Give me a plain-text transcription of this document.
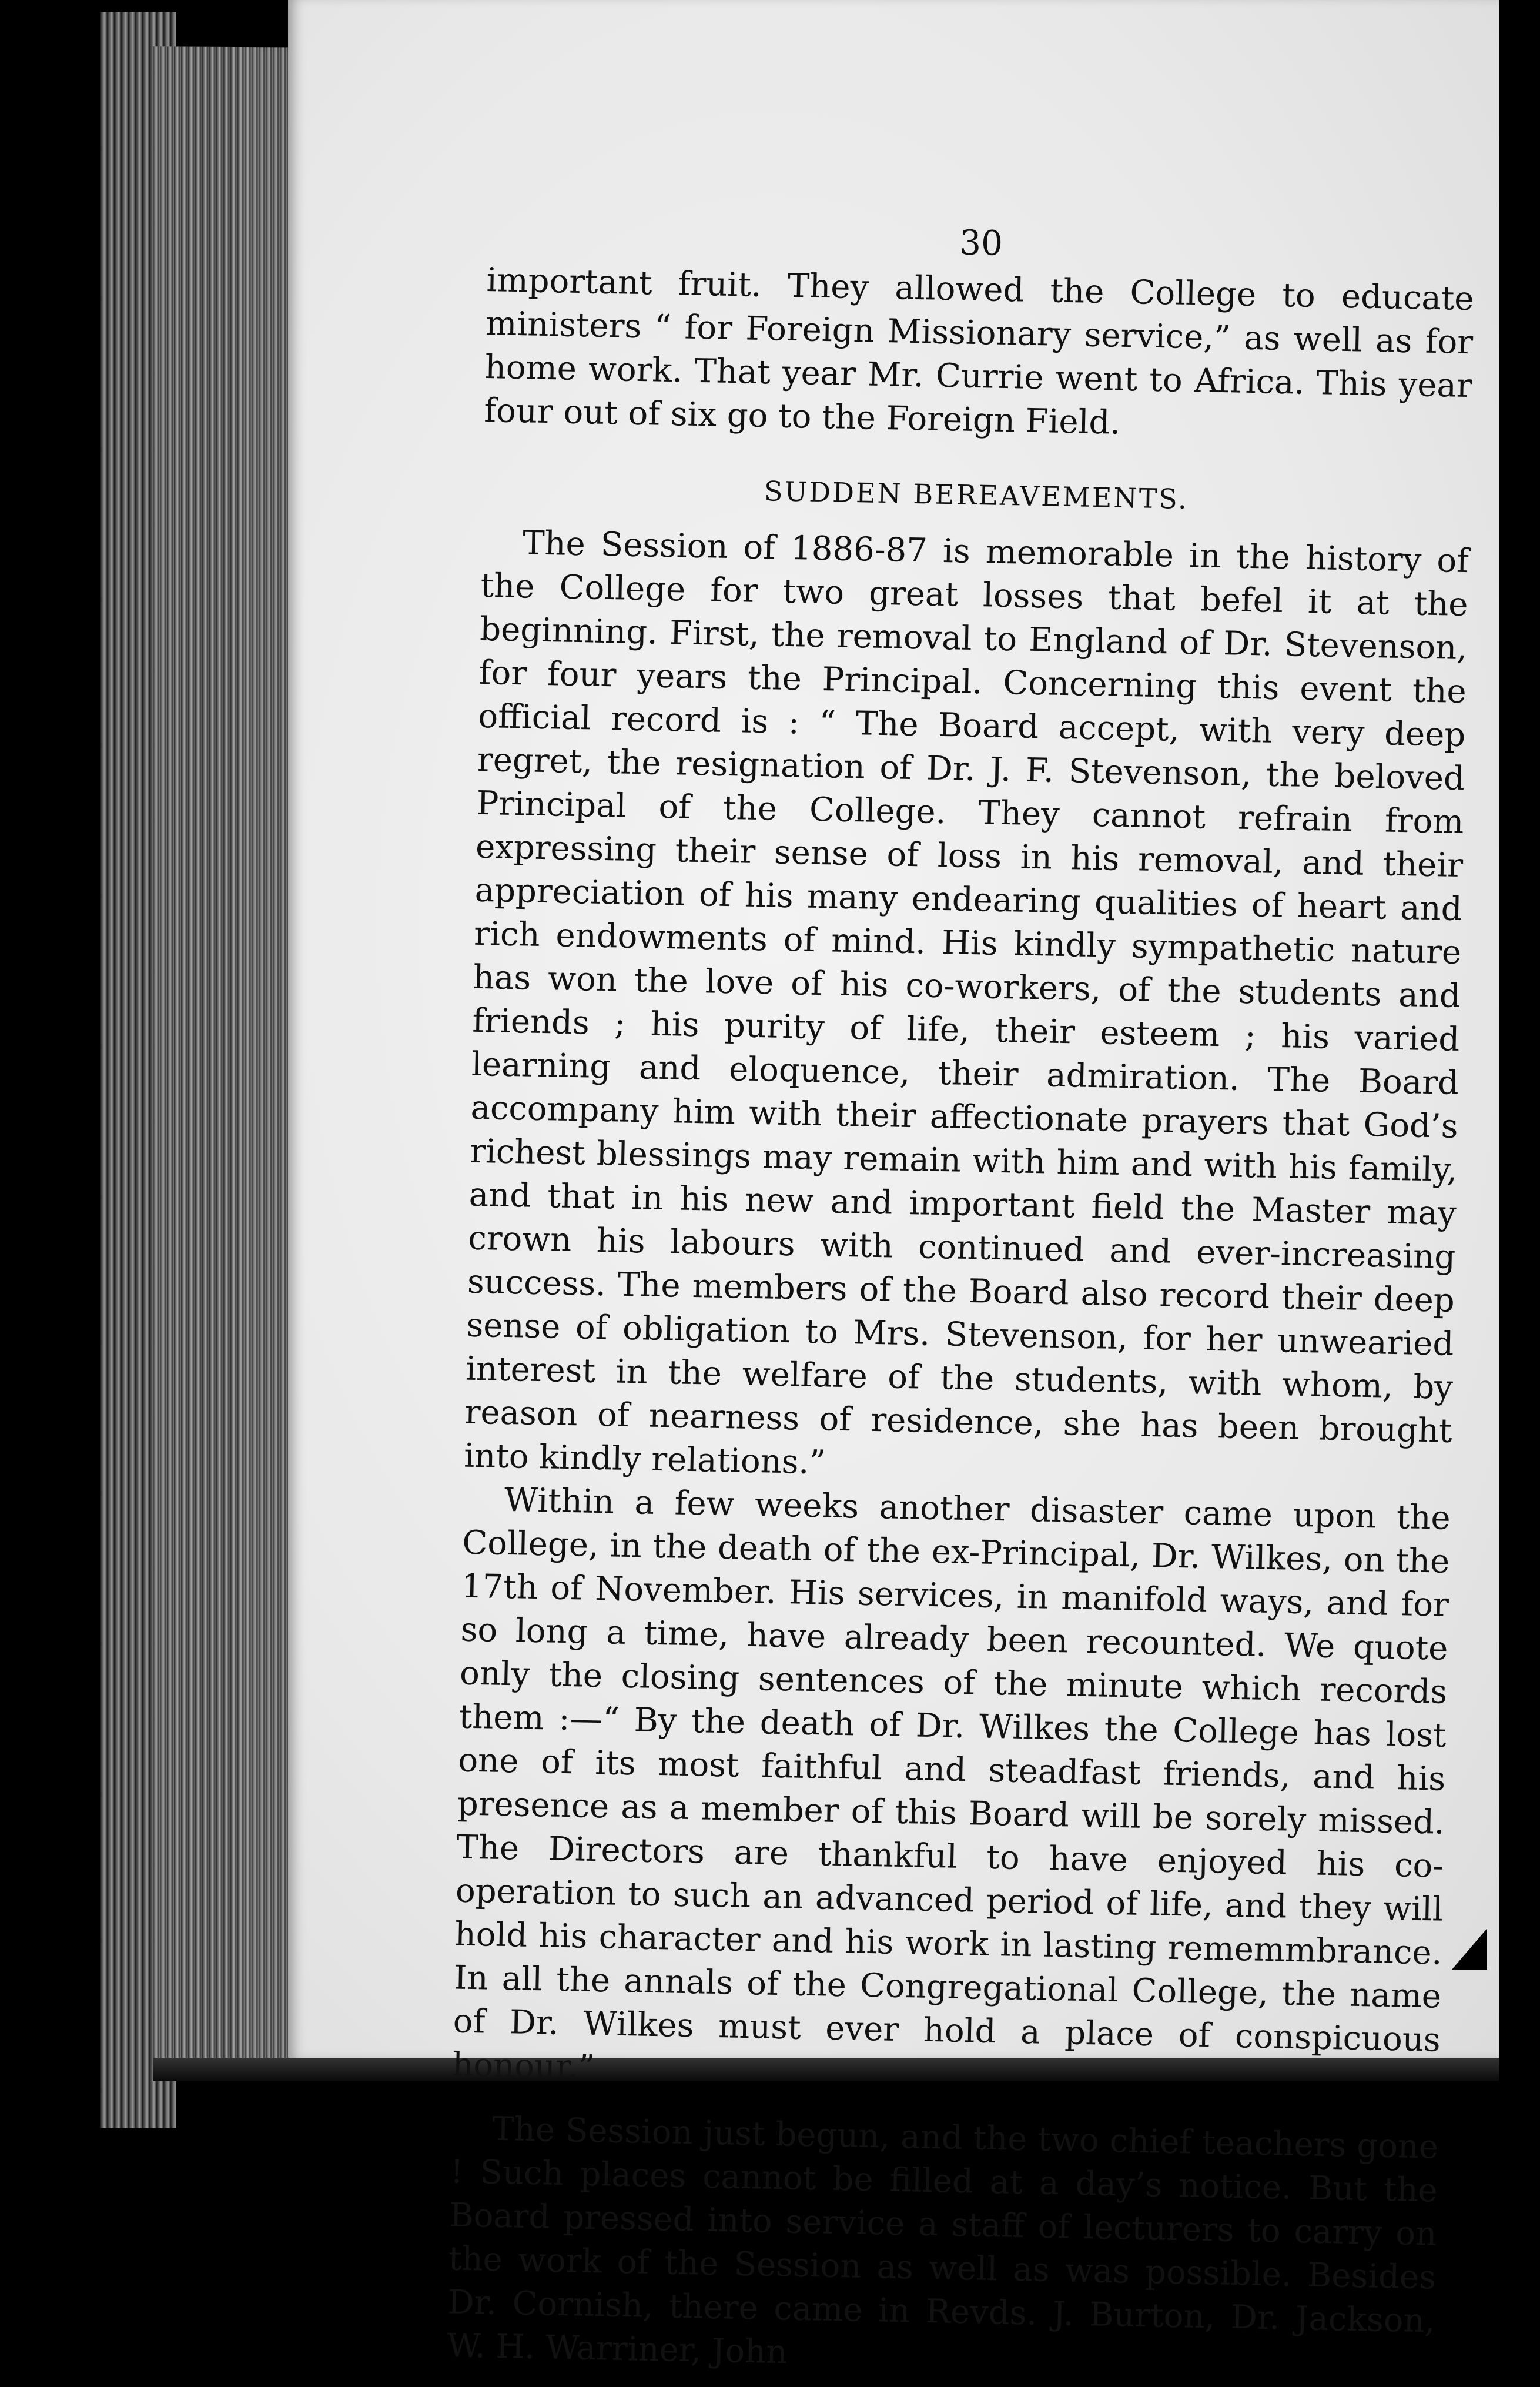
30

important fruit. They allowed the College to educate ministers “ for Foreign Missionary service,” as well as for home work. That year Mr. Currie went to Africa. This year four out of six go to the Foreign Field.

SUDDEN BEREAVEMENTS.

The Session of 1886-87 is memorable in the history of the College for two great losses that befel it at the beginning. First, the removal to England of Dr. Stevenson, for four years the Principal. Concerning this event the official record is : “ The Board accept, with very deep regret, the resignation of Dr. J. F. Stevenson, the beloved Principal of the College. They cannot refrain from expressing their sense of loss in his removal, and their appreciation of his many endearing qualities of heart and rich endowments of mind. His kindly sympathetic nature has won the love of his co-workers, of the students and friends ; his purity of life, their esteem ; his varied learning and eloquence, their admiration. The Board accompany him with their affectionate prayers that God’s richest blessings may remain with him and with his family, and that in his new and important field the Master may crown his labours with continued and ever-increasing success. The members of the Board also record their deep sense of obligation to Mrs. Stevenson, for her unwearied interest in the welfare of the students, with whom, by reason of nearness of residence, she has been brought into kindly relations.”

Within a few weeks another disaster came upon the College, in the death of the ex-Principal, Dr. Wilkes, on the 17th of November. His services, in manifold ways, and for so long a time, have already been recounted. We quote only the closing sentences of the minute which records them :—“ By the death of Dr. Wilkes the College has lost one of its most faithful and steadfast friends, and his presence as a member of this Board will be sorely missed. The Directors are thankful to have enjoyed his co-operation to such an advanced period of life, and they will hold his character and his work in lasting rememmbrance. In all the annals of the Congregational College, the name of Dr. Wilkes must ever hold a place of conspicuous honour.”

The Session just begun, and the two chief teachers gone ! Such places cannot be filled at a day’s notice. But the Board pressed into service a staff of lecturers to carry on the work of the Session as well as was possible. Besides Dr. Cornish, there came in Revds. J. Burton, Dr. Jackson, W. H. Warriner, John
